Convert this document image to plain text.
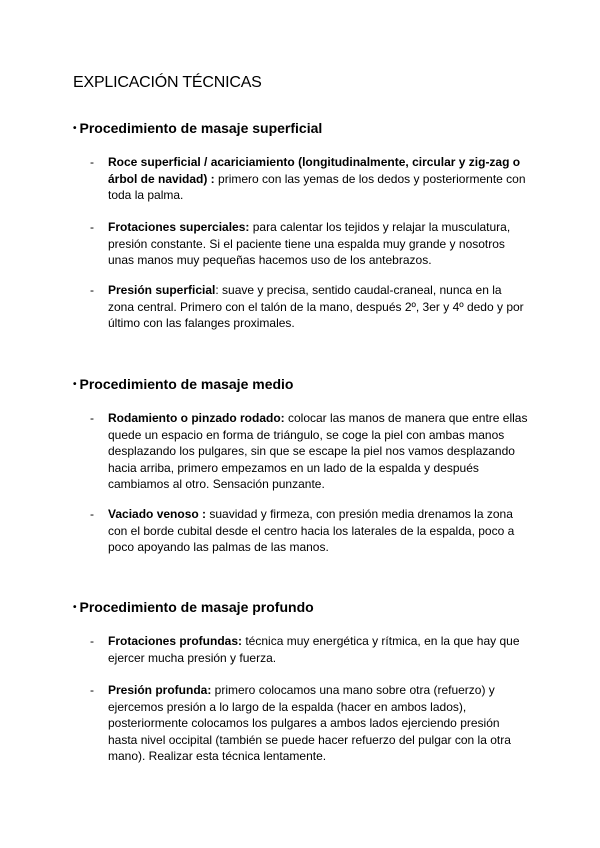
EXPLICACIÓN TÉCNICAS
• Procedimiento de masaje superficial
- Roce superficial / acariciamiento (longitudinalmente, circular y zig-zag o árbol de navidad) : primero con las yemas de los dedos y posteriormente con toda la palma.
- Frotaciones superciales: para calentar los tejidos y relajar la musculatura, presión constante. Si el paciente tiene una espalda muy grande y nosotros unas manos muy pequeñas hacemos uso de los antebrazos.
- Presión superficial: suave y precisa, sentido caudal-craneal, nunca en la zona central. Primero con el talón de la mano, después 2º, 3er y 4º dedo y por último con las falanges proximales.
• Procedimiento de masaje medio
- Rodamiento o pinzado rodado: colocar las manos de manera que entre ellas quede un espacio en forma de triángulo, se coge la piel con ambas manos desplazando los pulgares, sin que se escape la piel nos vamos desplazando hacia arriba, primero empezamos en un lado de la espalda y después cambiamos al otro. Sensación punzante.
- Vaciado venoso : suavidad y firmeza, con presión media drenamos la zona con el borde cubital desde el centro hacia los laterales de la espalda, poco a poco apoyando las palmas de las manos.
• Procedimiento de masaje profundo
- Frotaciones profundas: técnica muy energética y rítmica, en la que hay que ejercer mucha presión y fuerza.
- Presión profunda: primero colocamos una mano sobre otra (refuerzo) y ejercemos presión a lo largo de la espalda (hacer en ambos lados), posteriormente colocamos los pulgares a ambos lados ejerciendo presión hasta nivel occipital (también se puede hacer refuerzo del pulgar con la otra mano). Realizar esta técnica lentamente.
